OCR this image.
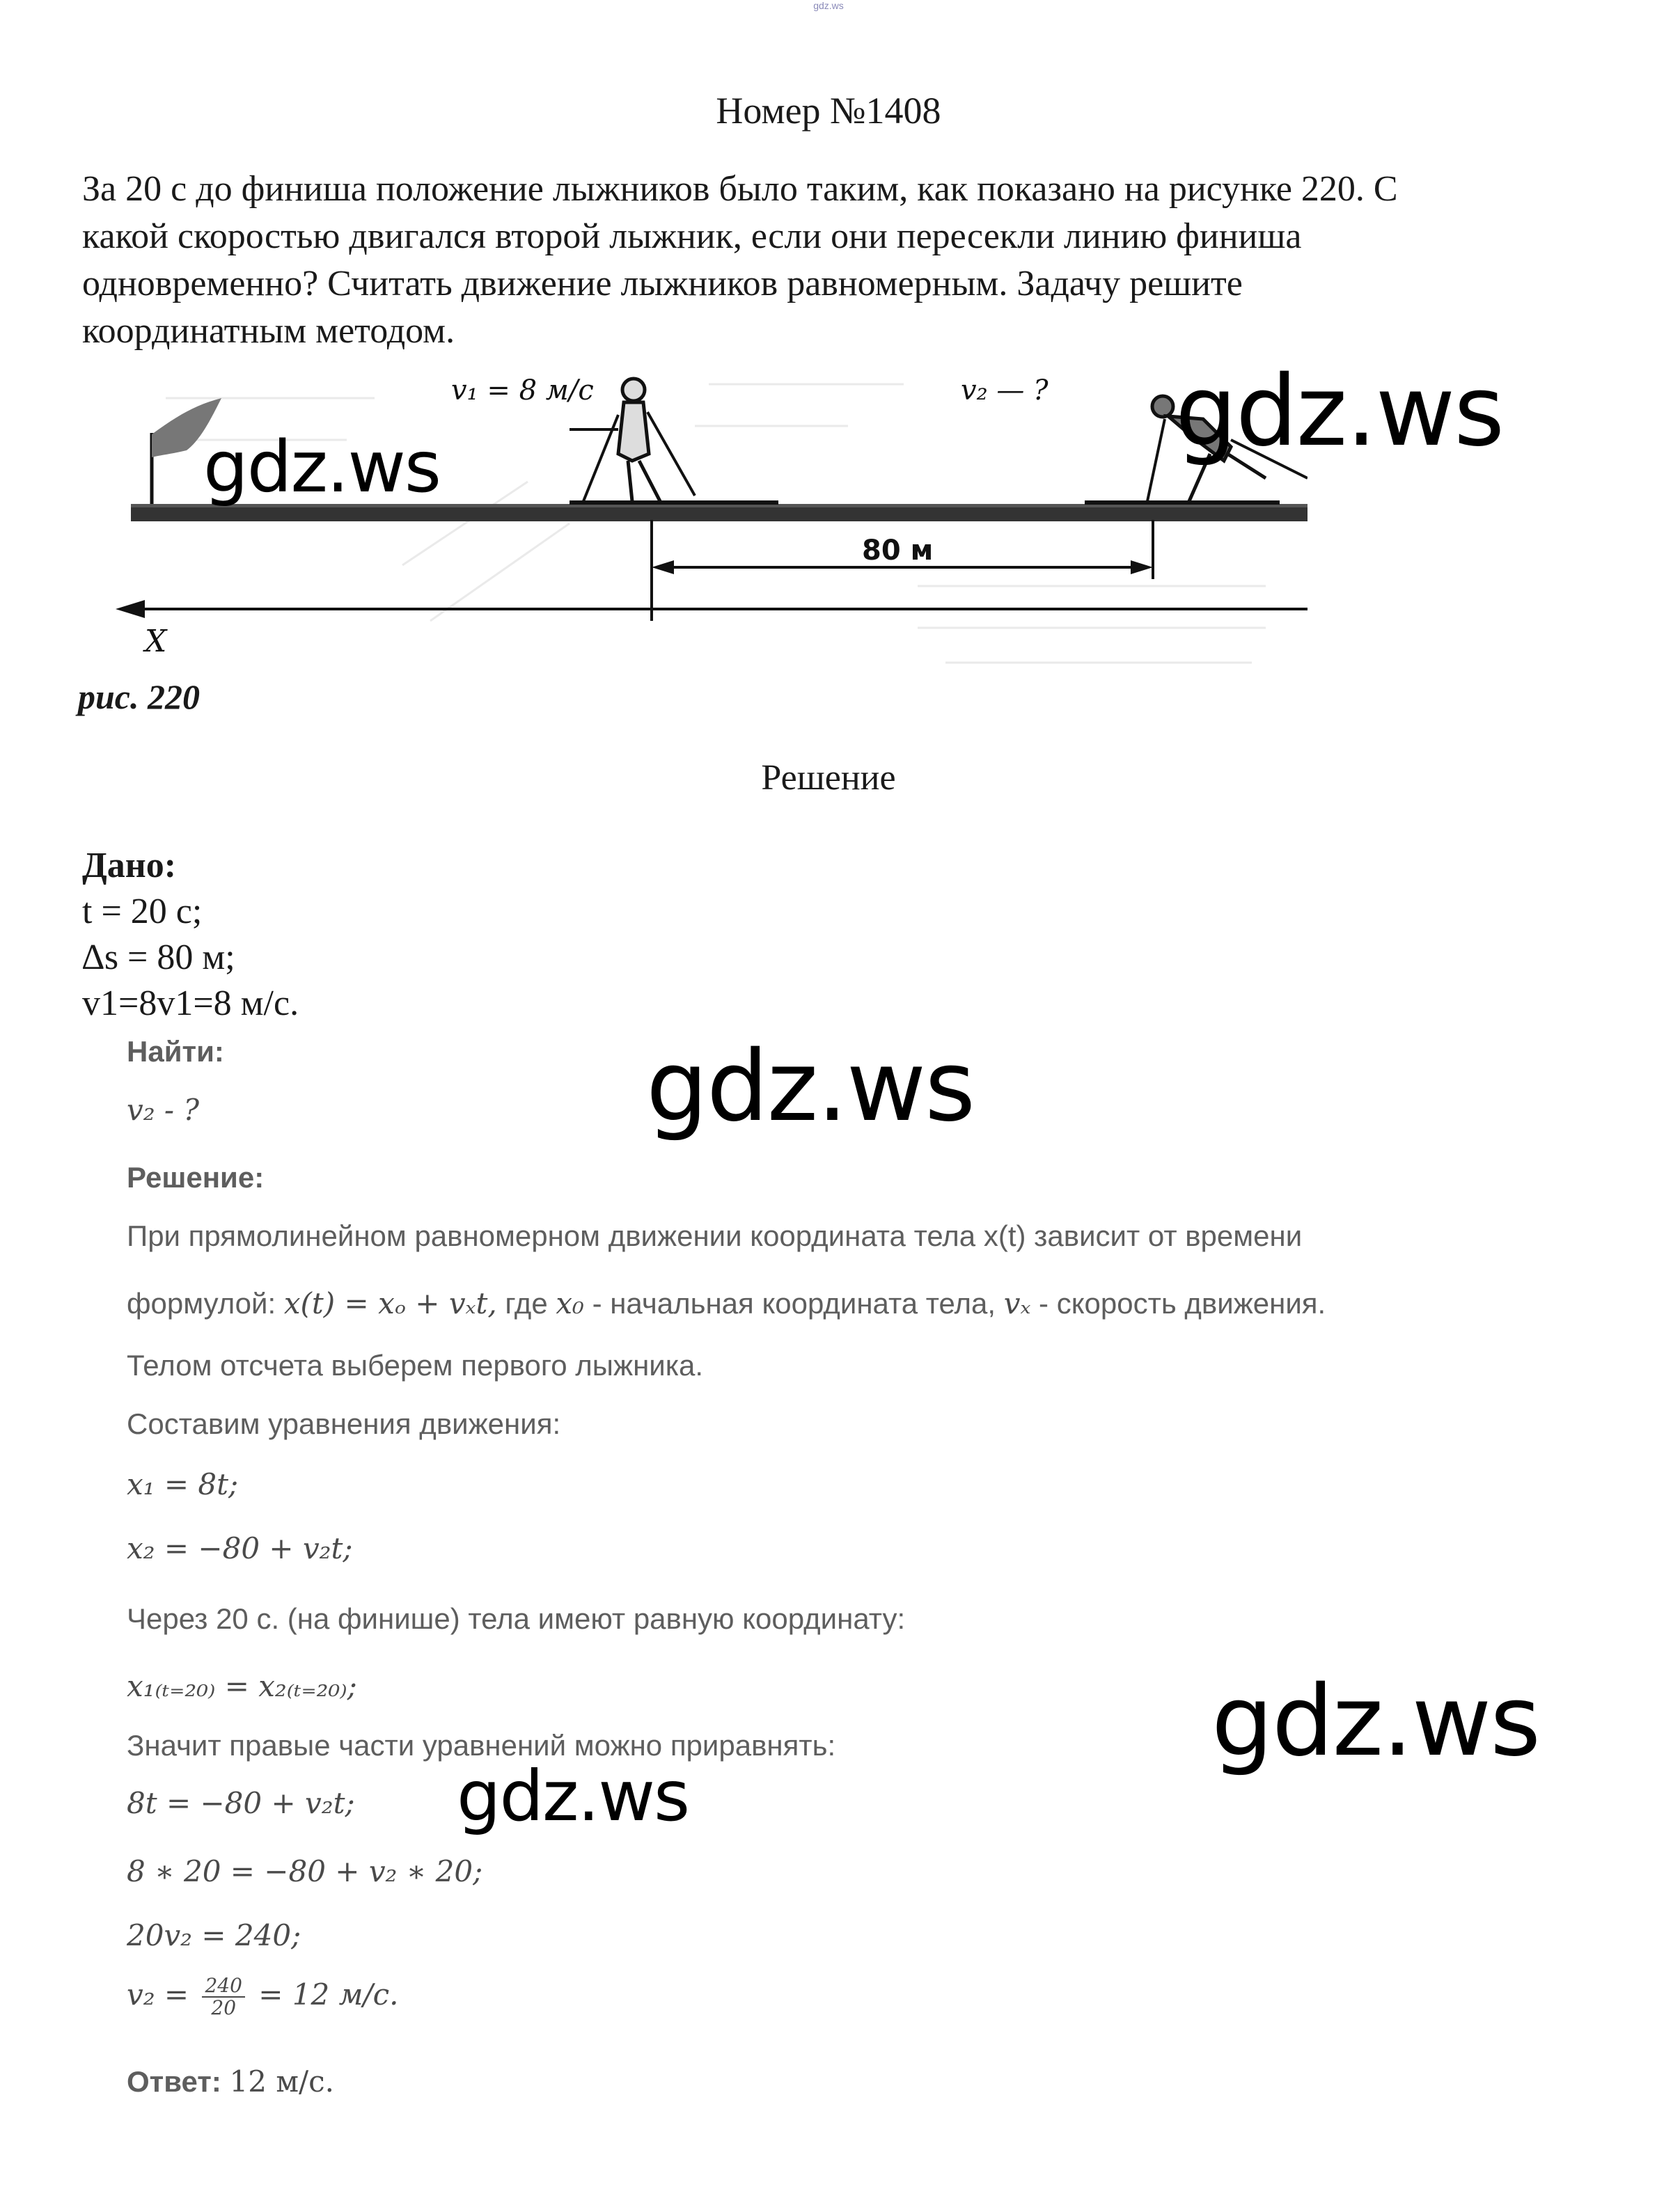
gdz.ws
Номер №1408
За 20 с до финиша положение лыжников было таким, как показано на рисунке 220. С
какой скоростью двигался второй лыжник, если они пересекли линию финиша
одновременно? Считать движение лыжников равномерным. Задачу решите
координатным методом.
v₁ = 8 м/с	v₂ — ?
80 м
X
рис. 220
Решение
Дано:
t = 20 с;
∆s = 80 м;
v1=8v1=8 м/с.
Найти:
v₂ - ?
Решение:
При прямолинейном равномерном движении координата тела x(t) зависит от времени
формулой: x(t) = xₒ + vₓt, где x₀ - начальная координата тела, vₓ - скорость движения.
Телом отсчета выберем первого лыжника.
Составим уравнения движения:
x₁ = 8t;
x₂ = −80 + v₂t;
Через 20 с. (на финише) тела имеют равную координату:
x₁₍ₜ₌₂₀₎ = x₂₍ₜ₌₂₀₎;
Значит правые части уравнений можно приравнять:
8t = −80 + v₂t;
8 ∗ 20 = −80 + v₂ ∗ 20;
20v₂ = 240;
$v_2 = \frac{240}{20} = 12$ м/с.
Ответ: 12 м/с.
gdz.ws
gdz.ws
gdz.ws
gdz.ws
gdz.ws
